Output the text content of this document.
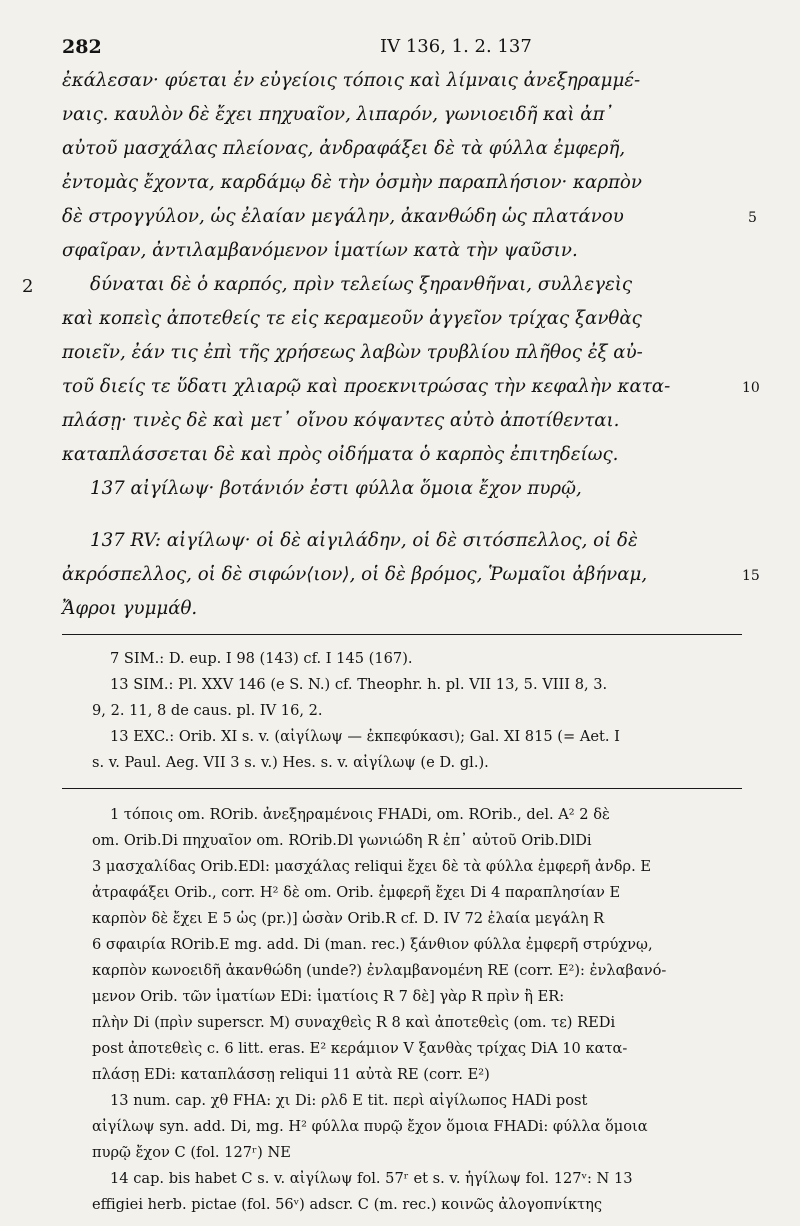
282	IV 136, 1. 2. 137
ἐκάλεσαν· φύεται ἐν εὐγείοις τόποις καὶ λίμναις ἀνεξηραμμέ-
ναις. καυλὸν δὲ ἔχει πηχυαῖον, λιπαρόν, γωνιοειδῆ καὶ ἀπ᾽
αὐτοῦ μασχάλας πλείονας, ἀνδραφάξει δὲ τὰ φύλλα ἐμφερῆ,
ἐντομὰς ἔχοντα, καρδάμῳ δὲ τὴν ὀσμὴν παραπλήσιον· καρπὸν
δὲ στρογγύλον, ὡς ἐλαίαν μεγάλην, ἀκανθώδη ὡς πλατάνου
σφαῖραν, ἀντιλαμβανόμενον ἱματίων κατὰ τὴν ψαῦσιν.
δύναται δὲ ὁ καρπός, πρὶν τελείως ξηρανθῆναι, συλλεγεὶς
καὶ κοπεὶς ἀποτεθείς τε εἰς κεραμεοῦν ἀγγεῖον τρίχας ξανθὰς
ποιεῖν, ἐάν τις ἐπὶ τῆς χρήσεως λαβὼν τρυβλίου πλῆθος ἐξ αὐ-
τοῦ διείς τε ὕδατι χλιαρῷ καὶ προεκνιτρώσας τὴν κεφαλὴν κατα-
πλάσῃ· τινὲς δὲ καὶ μετ᾽ οἴνου κόψαντες αὐτὸ ἀποτίθενται.
καταπλάσσεται δὲ καὶ πρὸς οἰδήματα ὁ καρπὸς ἐπιτηδείως.
137 αἰγίλωψ· βοτάνιόν ἐστι φύλλα ὅμοια ἔχον πυρῷ,
137 RV: αἰγίλωψ· οἱ δὲ αἰγιλάδην, οἱ δὲ σιτόσπελλος, οἱ δὲ
ἀκρόσπελλος, οἱ δὲ σιφών⟨ιον⟩, οἱ δὲ βρόμος, Ῥωμαῖοι ἀβήναμ,
Ἄφροι γυμμάθ.
5
2
10
15
7 SIM.: D. eup. I 98 (143) cf. I 145 (167).
13 SIM.: Pl. XXV 146 (e S. N.) cf. Theophr. h. pl. VII 13, 5. VIII 8, 3.
9, 2. 11, 8 de caus. pl. IV 16, 2.
13 EXC.: Orib. XI s. v. (αἰγίλωψ — ἐκπεφύκασι); Gal. XI 815 (= Aet. I
s. v. Paul. Aeg. VII 3 s. v.) Hes. s. v. αἰγίλωψ (e D. gl.).
1 τόποις om. ROrib. ἀνεξηραμένοις FHADi, om. ROrib., del. A² 2 δὲ
om. Orib.Di πηχυαῖον om. ROrib.Dl γωνιώδη R ἐπ᾽ αὐτοῦ Orib.DlDi
3 μασχαλίδας Orib.EDl: μασχάλας reliqui ἔχει δὲ τὰ φύλλα ἐμφερῆ ἀνδρ. E
ἀτραφάξει Orib., corr. H² δὲ om. Orib. ἐμφερῆ ἔχει Di 4 παραπλησίαν E
καρπὸν δὲ ἔχει E 5 ὡς (pr.)] ὡσὰν Orib.R cf. D. IV 72 ἐλαία μεγάλη R
6 σφαιρία ROrib.E mg. add. Di (man. rec.) ξάνθιον φύλλα ἐμφερῆ στρύχνῳ,
καρπὸν κωνοειδῆ ἀκανθώδη (unde?) ἐνλαμβανομένη RE (corr. E²): ἐνλαβανό-
μενον Orib. τῶν ἱματίων EDi: ἱματίοις R 7 δὲ] γὰρ R πρὶν ἢ ER:
πλὴν Di (πρὶν superscr. M) συναχθεὶς R 8 καὶ ἀποτεθεὶς (om. τε) REDi
post ἀποτεθεὶς c. 6 litt. eras. E² κεράμιον V ξανθὰς τρίχας DiA 10 κατα-
πλάσῃ EDi: καταπλάσσῃ reliqui 11 αὐτὰ RE (corr. E²)
13 num. cap. χθ FHA: χι Di: ρλδ E tit. περὶ αἰγίλωπος HADi post
αἰγίλωψ syn. add. Di, mg. H² φύλλα πυρῷ ἔχον ὅμοια FHADi: φύλλα ὅμοια
πυρῷ ἔχον C (fol. 127ʳ) NE
14 cap. bis habet C s. v. αἰγίλωψ fol. 57ʳ et s. v. ἡγίλωψ fol. 127ᵛ: N 13
effigiei herb. pictae (fol. 56ᵛ) adscr. C (m. rec.) κοινῶς ἀλογοπνίκτης
